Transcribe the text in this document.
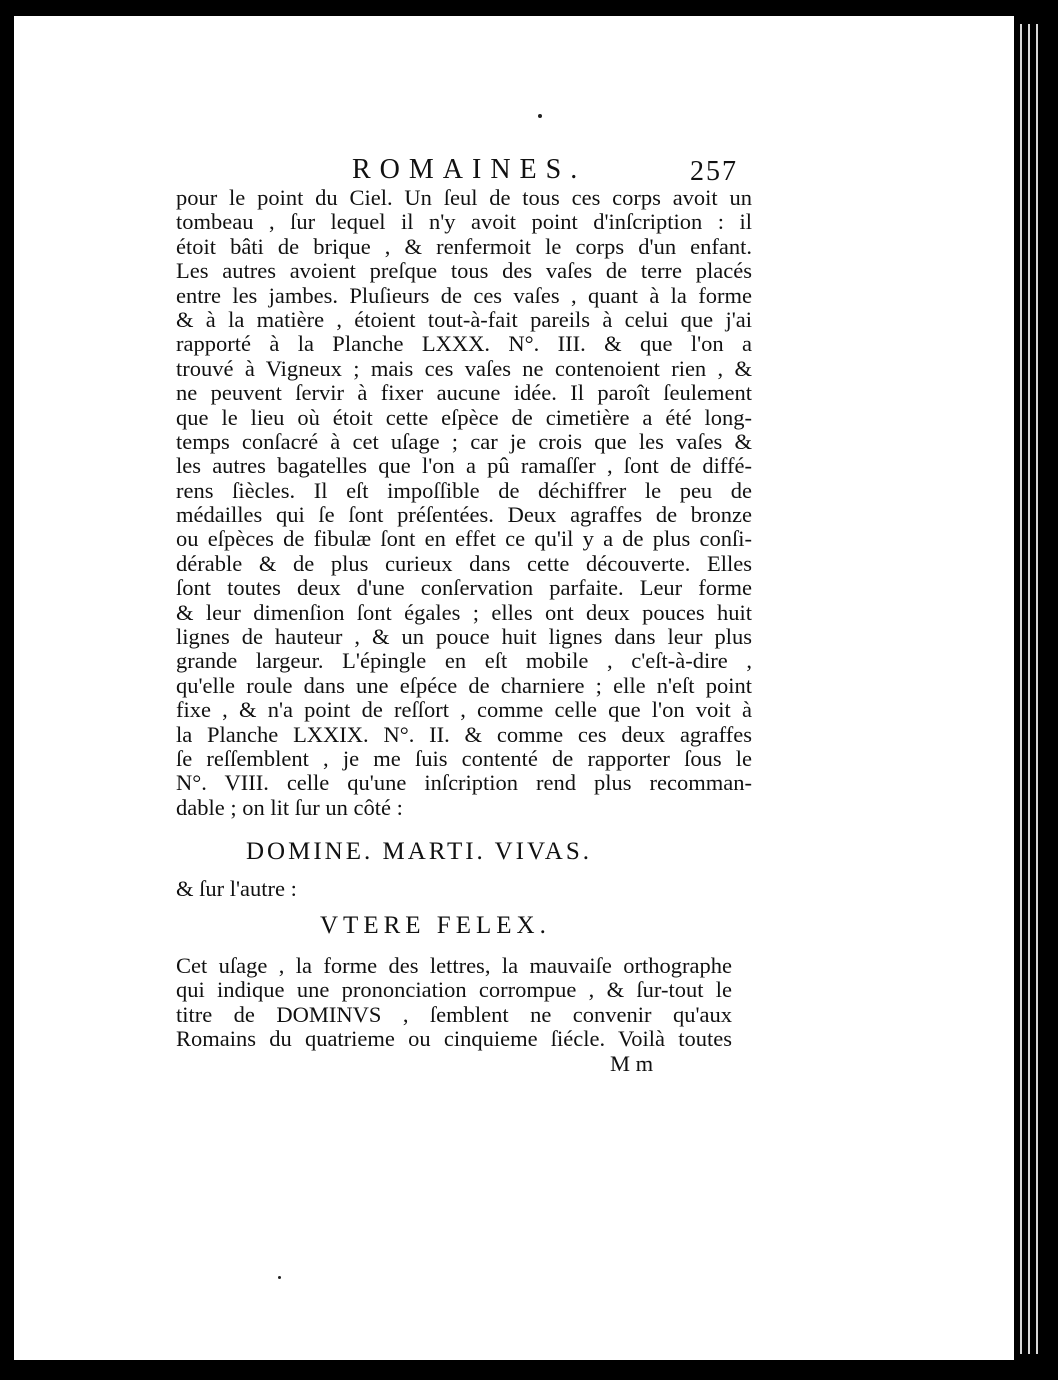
ROMAINES.	257
pour le point du Ciel. Un ſeul de tous ces corps avoit un
tombeau , ſur lequel il n'y avoit point d'inſcription : il
étoit bâti de brique , & renfermoit le corps d'un enfant.
Les autres avoient preſque tous des vaſes de terre placés
entre les jambes. Pluſieurs de ces vaſes , quant à la forme
& à la matière , étoient tout-à-fait pareils à celui que j'ai
rapporté à la Planche LXXX. N°. III. & que l'on a
trouvé à Vigneux ; mais ces vaſes ne contenoient rien , &
ne peuvent ſervir à fixer aucune idée. Il paroît ſeulement
que le lieu où étoit cette eſpèce de cimetière a été long-
temps conſacré à cet uſage ; car je crois que les vaſes &
les autres bagatelles que l'on a pû ramaſſer , ſont de diffé-
rens ſiècles. Il eſt impoſſible de déchiffrer le peu de
médailles qui ſe ſont préſentées. Deux agraffes de bronze
ou eſpèces de fibulæ ſont en effet ce qu'il y a de plus conſi-
dérable & de plus curieux dans cette découverte. Elles
ſont toutes deux d'une conſervation parfaite. Leur forme
& leur dimenſion ſont égales ; elles ont deux pouces huit
lignes de hauteur , & un pouce huit lignes dans leur plus
grande largeur. L'épingle en eſt mobile , c'eſt-à-dire ,
qu'elle roule dans une eſpéce de charniere ; elle n'eſt point
fixe , & n'a point de reſſort , comme celle que l'on voit à
la Planche LXXIX. N°. II. & comme ces deux agraffes
ſe reſſemblent , je me ſuis contenté de rapporter ſous le
N°. VIII. celle qu'une inſcription rend plus recomman-
dable ; on lit ſur un côté :
DOMINE. MARTI. VIVAS.
& ſur l'autre :
VTERE FELEX.
Cet uſage , la forme des lettres, la mauvaiſe orthographe
qui indique une prononciation corrompue , & ſur-tout le
titre de DOMINVS , ſemblent ne convenir qu'aux
Romains du quatrieme ou cinquieme ſiécle. Voilà toutes
M m
